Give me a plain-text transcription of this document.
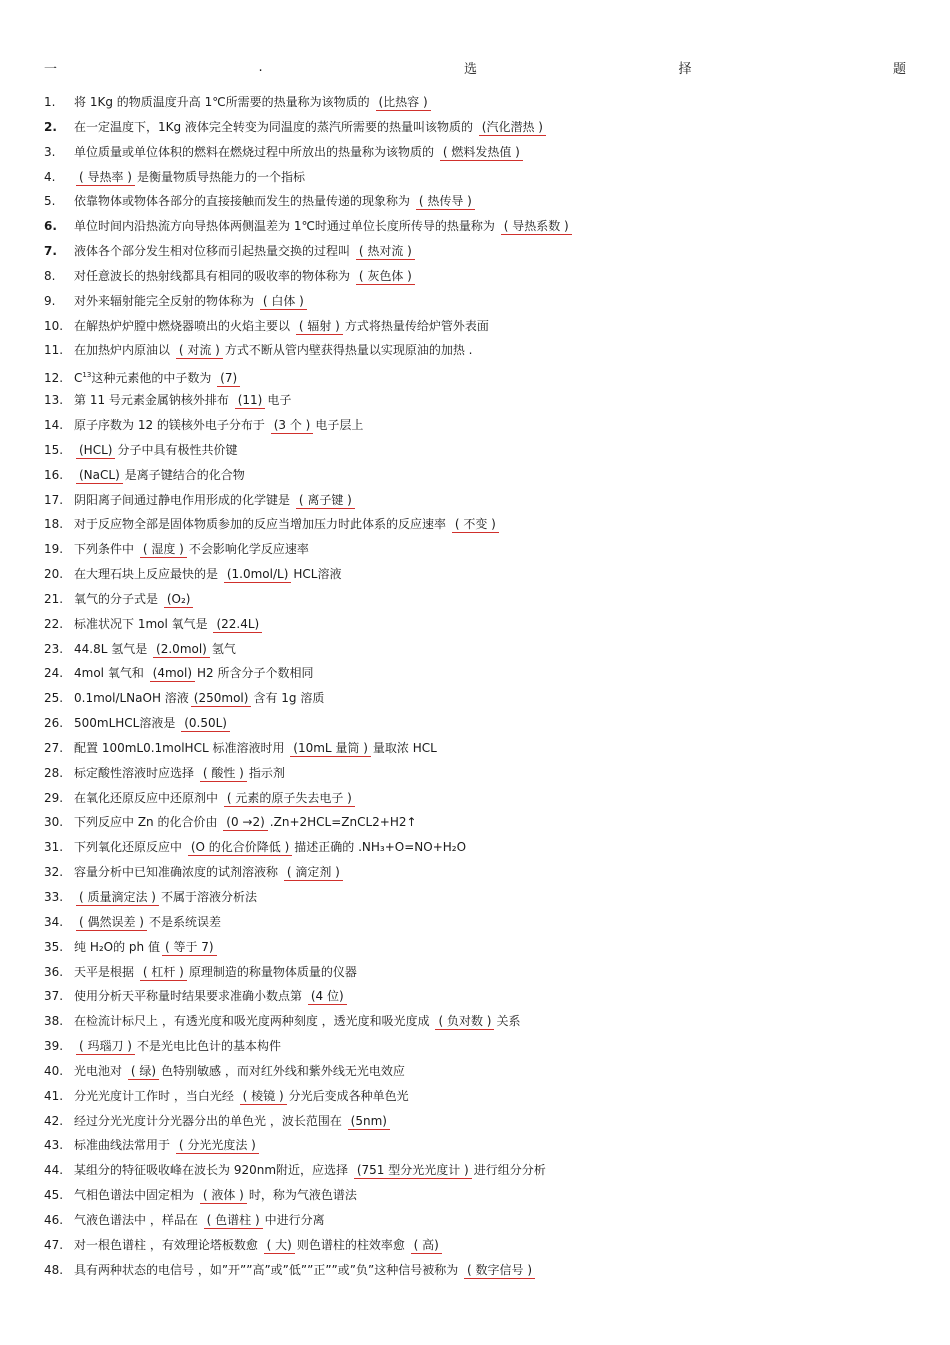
一	.	选	择	题
1.	将 1Kg 的物质温度升高 1℃所需要的热量称为该物质的 (比热容 )
2.	在一定温度下，1Kg 液体完全转变为同温度的蒸汽所需要的热量叫该物质的 (汽化潜热 )
3.	单位质量或单位体积的燃料在燃烧过程中所放出的热量称为该物质的 ( 燃料发热值 )
4.	( 导热率 ) 是衡量物质导热能力的一个指标
5.	依靠物体或物体各部分的直接接触而发生的热量传递的现象称为 ( 热传导 )
6.	单位时间内沿热流方向导热体两侧温差为 1℃时通过单位长度所传导的热量称为 ( 导热系数 )
7.	液体各个部分发生相对位移而引起热量交换的过程叫 ( 热对流 )
8.	对任意波长的热射线都具有相同的吸收率的物体称为 ( 灰色体 )
9.	对外来辐射能完全反射的物体称为 ( 白体 )
10. 在解热炉炉膛中燃烧器喷出的火焰主要以 ( 辐射 ) 方式将热量传给炉管外表面
11. 在加热炉内原油以 ( 对流 ) 方式不断从管内壁获得热量以实现原油的加热 .
12. $C^{13}$这种元素他的中子数为 (7)
13. 第 11 号元素金属钠核外排布 (11) 电子
14. 原子序数为 12 的镁核外电子分布于 (3 个 ) 电子层上
15.	(HCL) 分子中具有极性共价键
16.	(NaCL) 是离子键结合的化合物
17. 阴阳离子间通过静电作用形成的化学键是 ( 离子键 )
18. 对于反应物全部是固体物质参加的反应当增加压力时此体系的反应速率 ( 不变 )
19. 下列条件中 ( 湿度 ) 不会影响化学反应速率
20. 在大理石块上反应最快的是 (1.0mol/L) HCL溶液
21. 氧气的分子式是 (O₂)
22. 标准状况下 1mol 氧气是 (22.4L)
23. 44.8L 氢气是 (2.0mol) 氢气
24. 4mol 氧气和 (4mol) H2 所含分子个数相同
25. 0.1mol/LNaOH 溶液 (250mol) 含有 1g 溶质
26. 500mLHCL溶液是 (0.50L)
27. 配置 100mL0.1molHCL 标准溶液时用 (10mL 量筒 ) 量取浓 HCL
28. 标定酸性溶液时应选择 ( 酸性 ) 指示剂
29. 在氧化还原反应中还原剂中 ( 元素的原子失去电子 )
30. 下列反应中 Zn 的化合价由 (0 →2) .Zn+2HCL=ZnCL2+H2↑
31. 下列氧化还原反应中 (O 的化合价降低 ) 描述正确的 .NH₃+O=NO+H₂O
32. 容量分析中已知准确浓度的试剂溶液称 ( 滴定剂 )
33.	( 质量滴定法 ) 不属于溶液分析法
34.	( 偶然误差 ) 不是系统误差
35. 纯 H₂O的 ph 值 ( 等于 7)
36. 天平是根据 ( 杠杆 ) 原理制造的称量物体质量的仪器
37. 使用分析天平称量时结果要求准确小数点第 (4 位)
38. 在检流计标尺上 ，有透光度和吸光度两种刻度 ，透光度和吸光度成 ( 负对数 ) 关系
39.	( 玛瑙刀 ) 不是光电比色计的基本构件
40. 光电池对 ( 绿) 色特别敏感 ，而对红外线和紫外线无光电效应
41. 分光光度计工作时 ，当白光经 ( 棱镜 ) 分光后变成各种单色光
42. 经过分光光度计分光器分出的单色光 ，波长范围在 (5nm)
43. 标准曲线法常用于 ( 分光光度法 )
44. 某组分的特征吸收峰在波长为 920nm附近，应选择 (751 型分光光度计 ) 进行组分分析
45. 气相色谱法中固定相为 ( 液体 ) 时，称为气液色谱法
46. 气液色谱法中 ，样品在 ( 色谱柱 ) 中进行分离
47. 对一根色谱柱 ，有效理论塔板数愈 ( 大) 则色谱柱的柱效率愈 ( 高)
48. 具有两种状态的电信号 ，如”开””高”或”低””正””或”负”这种信号被称为 ( 数字信号 )
